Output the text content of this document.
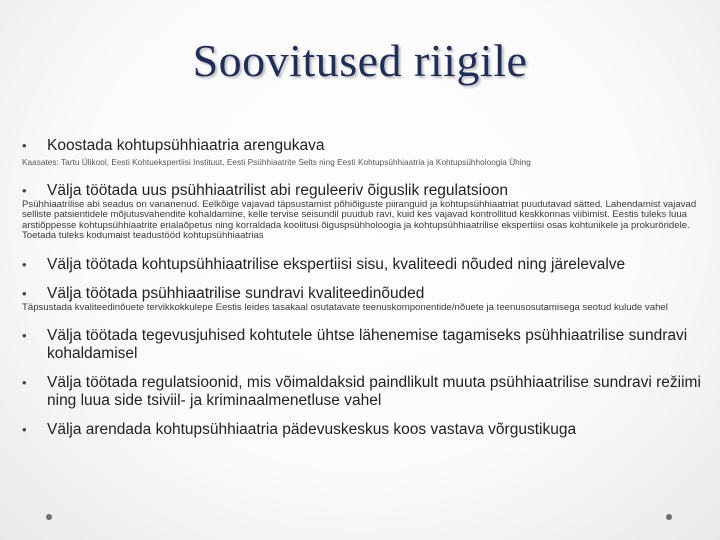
Soovitused riigile
• Koostada kohtupsühhiaatria arengukava
Kaasates: Tartu Ülikool, Eesti Kohtuekspertiisi Instituut, Eesti Psühhiaatrite Selts ning Eesti Kohtupsühhiaatria ja Kohtupsühholoogia Ühing
• Välja töötada uus psühhiaatrilist abi reguleeriv õiguslik regulatsioon
Psühhiaatrilise abi seadus on vananenud. Eelkõige vajavad täpsustamist põhiõiguste piiranguid ja kohtupsühhiaatriat puudutavad sätted. Lahendamist vajavad selliste patsientidele mõjutusvahendite kohaldamine, kelle tervise seisundil puudub ravi, kuid kes vajavad kontrollitud keskkonnas viibimist. Eestis tuleks luua arstiõppesse kohtupsühhiaatrite erialaõpetus ning korraldada koolitusi õiguspsühholoogia ja kohtupsühhiaatrilise ekspertiisi osas kohtunikele ja prokuröridele. Toetada tuleks kodumaist teadustööd kohtupsühhiaatrias
• Välja töötada kohtupsühhiaatrilise ekspertiisi sisu, kvaliteedi nõuded ning järelevalve
• Välja töötada psühhiaatrilise sundravi kvaliteedinõuded
Täpsustada kvaliteedinõuete tervikkokkulepe Eestis leides tasakaal osutatavate teenuskomponentide/nõuete ja teenusosutamisega seotud kulude vahel
• Välja töötada tegevusjuhised kohtutele ühtse lähenemise tagamiseks psühhiaatrilise sundravi kohaldamisel
• Välja töötada regulatsioonid, mis võimaldaksid paindlikult muuta psühhiaatrilise sundravi režiimi ning luua side tsiviil- ja kriminaalmenetluse vahel
• Välja arendada kohtupsühhiaatria pädevuskeskus koos vastava võrgustikuga
